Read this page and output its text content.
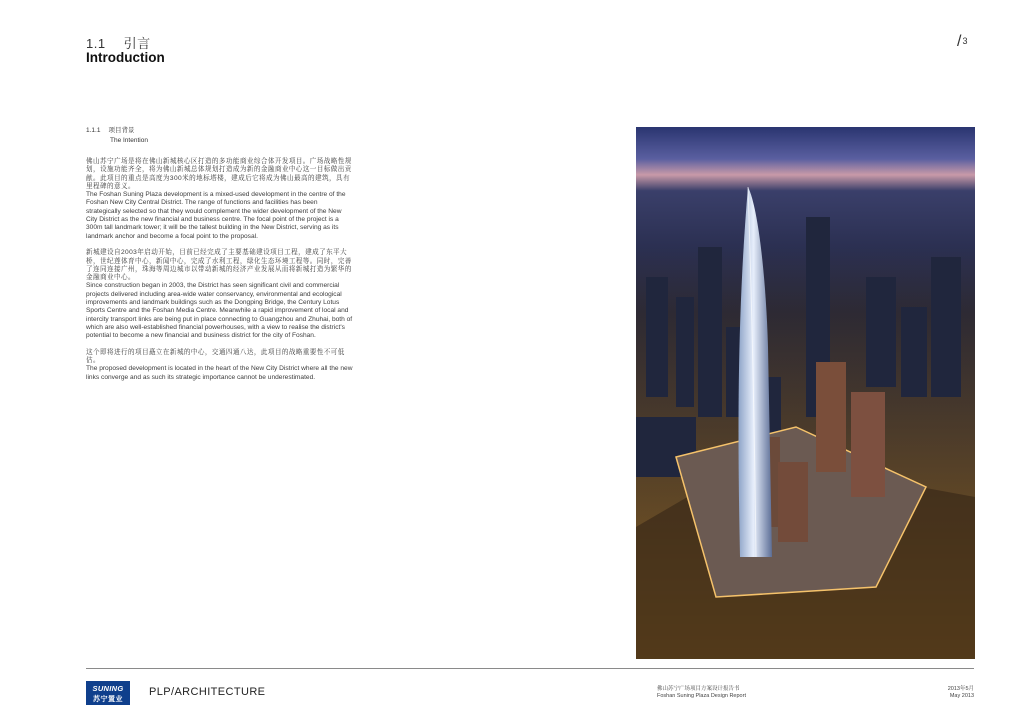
1.1 引言
Introduction
/3
1.1.1 项目背景
The Intention

佛山苏宁广场是将在佛山新城核心区打造的多功能商业综合体开发项目。广场战略性规划，设施功能齐全，将为佛山新城总体规划打造成为新的金融商业中心这一目标做出贡献。此项目的重点是高度为300米的地标塔楼，建成后它将成为佛山最高的建筑，具有里程碑的意义。

The Foshan Suning Plaza development is a mixed-used development in the centre of the Foshan New City Central District. The range of functions and facilities has been strategically selected so that they would complement the wider development of the New City District as the new financial and business centre. The focal point of the project is a 300m tall landmark tower; it will be the tallest building in the New District, serving as its landmark anchor and become a focal point to the proposal.

新城建设自2003年启动开始，目前已经完成了主要基础建设项目工程，建成了东平大桥，世纪莲体育中心，新闻中心，完成了水利工程，绿化生态环境工程等。同时，完善了连同连接广州，珠海等周边城市以带动新城的经济产业发展从而将新城打造为繁华的金融商业中心。

Since construction began in 2003, the District has seen significant civil and commercial projects delivered including area-wide water conservancy, environmental and ecological improvements and landmark buildings such as the Dongping Bridge, the Century Lotus Sports Centre and the Foshan Media Centre. Meanwhile a rapid improvement of local and intercity transport links are being put in place connecting to Guangzhou and Zhuhai, both of which are also well-established financial powerhouses, with a view to realise the district's potential to become a new financial and business district for the city of Foshan.

这个即将进行的项目矗立在新城的中心，交通四通八达，此项目的战略重要性不可低估。

The proposed development is located in the heart of the New City District where all the new links converge and as such its strategic importance cannot be underestimated.

SUNING
苏宁置业
PLP/ARCHITECTURE	佛山苏宁广场项目方案设计报告书
Foshan Suning Plaza Design Report
2013年5月
May 2013
